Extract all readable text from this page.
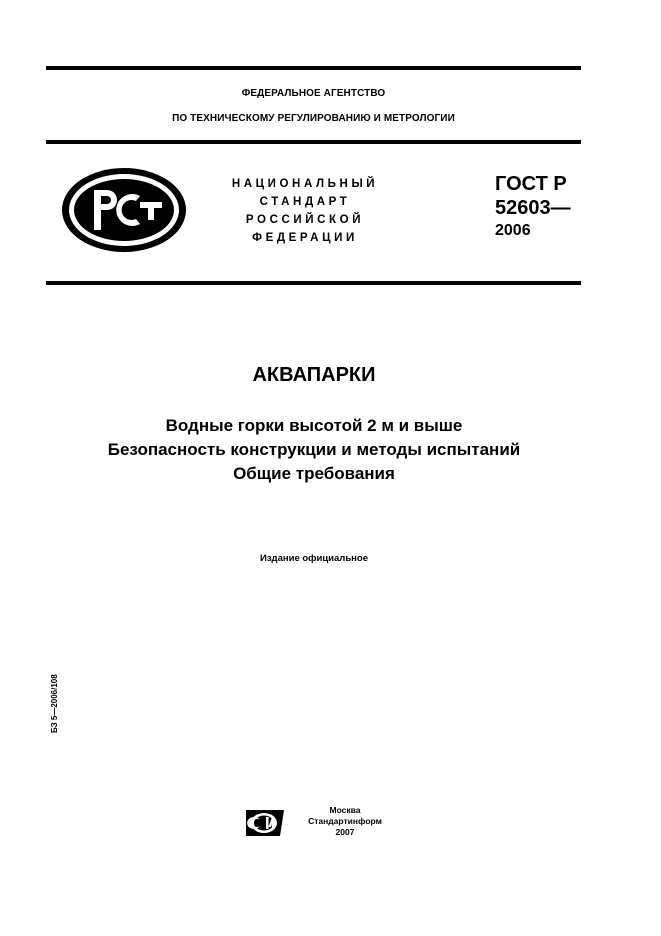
ФЕДЕРАЛЬНОЕ АГЕНТСТВО
ПО ТЕХНИЧЕСКОМУ РЕГУЛИРОВАНИЮ И МЕТРОЛОГИИ
НАЦИОНАЛЬНЫЙ
СТАНДАРТ
РОССИЙСКОЙ
ФЕДЕРАЦИИ
ГОСТ Р
52603—
2006
АКВАПАРКИ
Водные горки высотой 2 м и выше
Безопасность конструкции и методы испытаний
Общие требования
Издание официальное
БЗ 5—2006/108
Москва
Стандартинформ
2007
